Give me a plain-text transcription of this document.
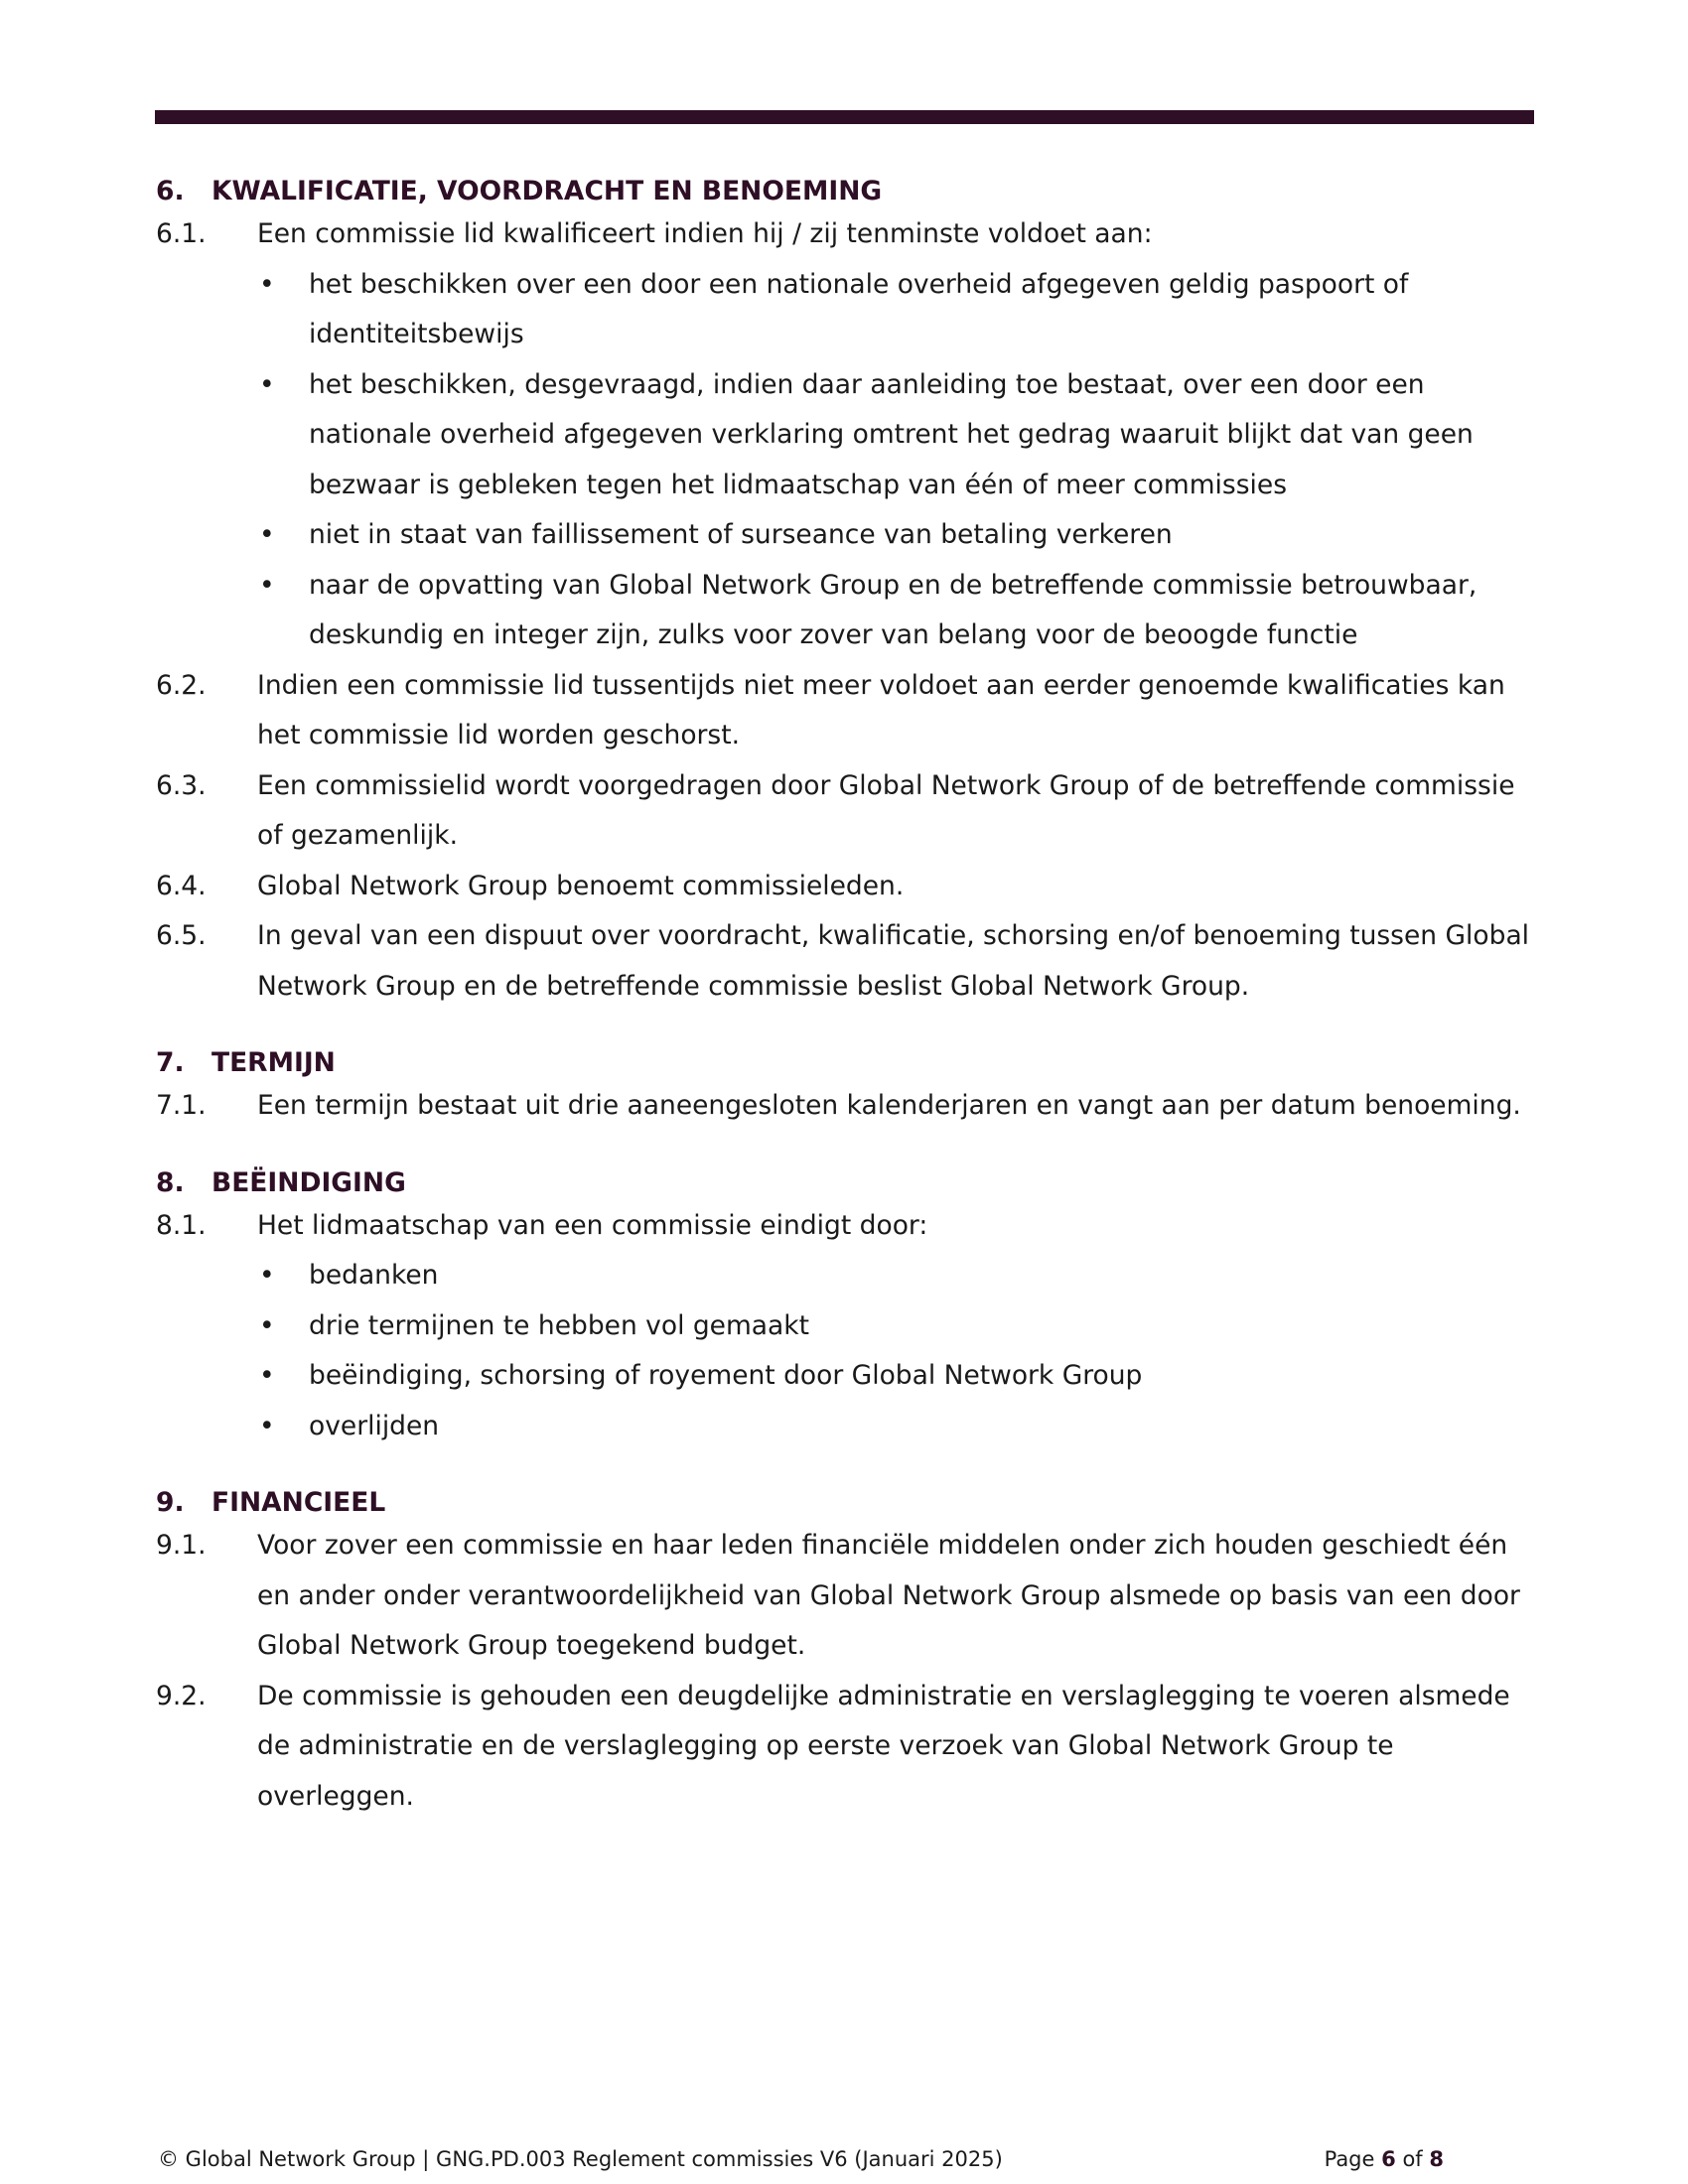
6.	KWALIFICATIE, VOORDRACHT EN BENOEMING
6.1.	Een commissie lid kwalificeert indien hij / zij tenminste voldoet aan:
•	het beschikken over een door een nationale overheid afgegeven geldig paspoort of identiteitsbewijs
•	het beschikken, desgevraagd, indien daar aanleiding toe bestaat, over een door een nationale overheid afgegeven verklaring omtrent het gedrag waaruit blijkt dat van geen bezwaar is gebleken tegen het lidmaatschap van één of meer commissies
•	niet in staat van faillissement of surseance van betaling verkeren
•	naar de opvatting van Global Network Group en de betreffende commissie betrouwbaar, deskundig en integer zijn, zulks voor zover van belang voor de beoogde functie
6.2.	Indien een commissie lid tussentijds niet meer voldoet aan eerder genoemde kwalificaties kan het commissie lid worden geschorst.
6.3.	Een commissielid wordt voorgedragen door Global Network Group of de betreffende commissie of gezamenlijk.
6.4.	Global Network Group benoemt commissieleden.
6.5.	In geval van een dispuut over voordracht, kwalificatie, schorsing en/of benoeming tussen Global Network Group en de betreffende commissie beslist Global Network Group.
7.	TERMIJN
7.1.	Een termijn bestaat uit drie aaneengesloten kalenderjaren en vangt aan per datum benoeming.
8.	BEËINDIGING
8.1.	Het lidmaatschap van een commissie eindigt door:
•	bedanken
•	drie termijnen te hebben vol gemaakt
•	beëindiging, schorsing of royement door Global Network Group
•	overlijden
9.	FINANCIEEL
9.1.	Voor zover een commissie en haar leden financiële middelen onder zich houden geschiedt één en ander onder verantwoordelijkheid van Global Network Group alsmede op basis van een door Global Network Group toegekend budget.
9.2.	De commissie is gehouden een deugdelijke administratie en verslaglegging te voeren alsmede de administratie en de verslaglegging op eerste verzoek van Global Network Group te overleggen.
© Global Network Group | GNG.PD.003 Reglement commissies V6 (Januari 2025)	Page 6 of 8
